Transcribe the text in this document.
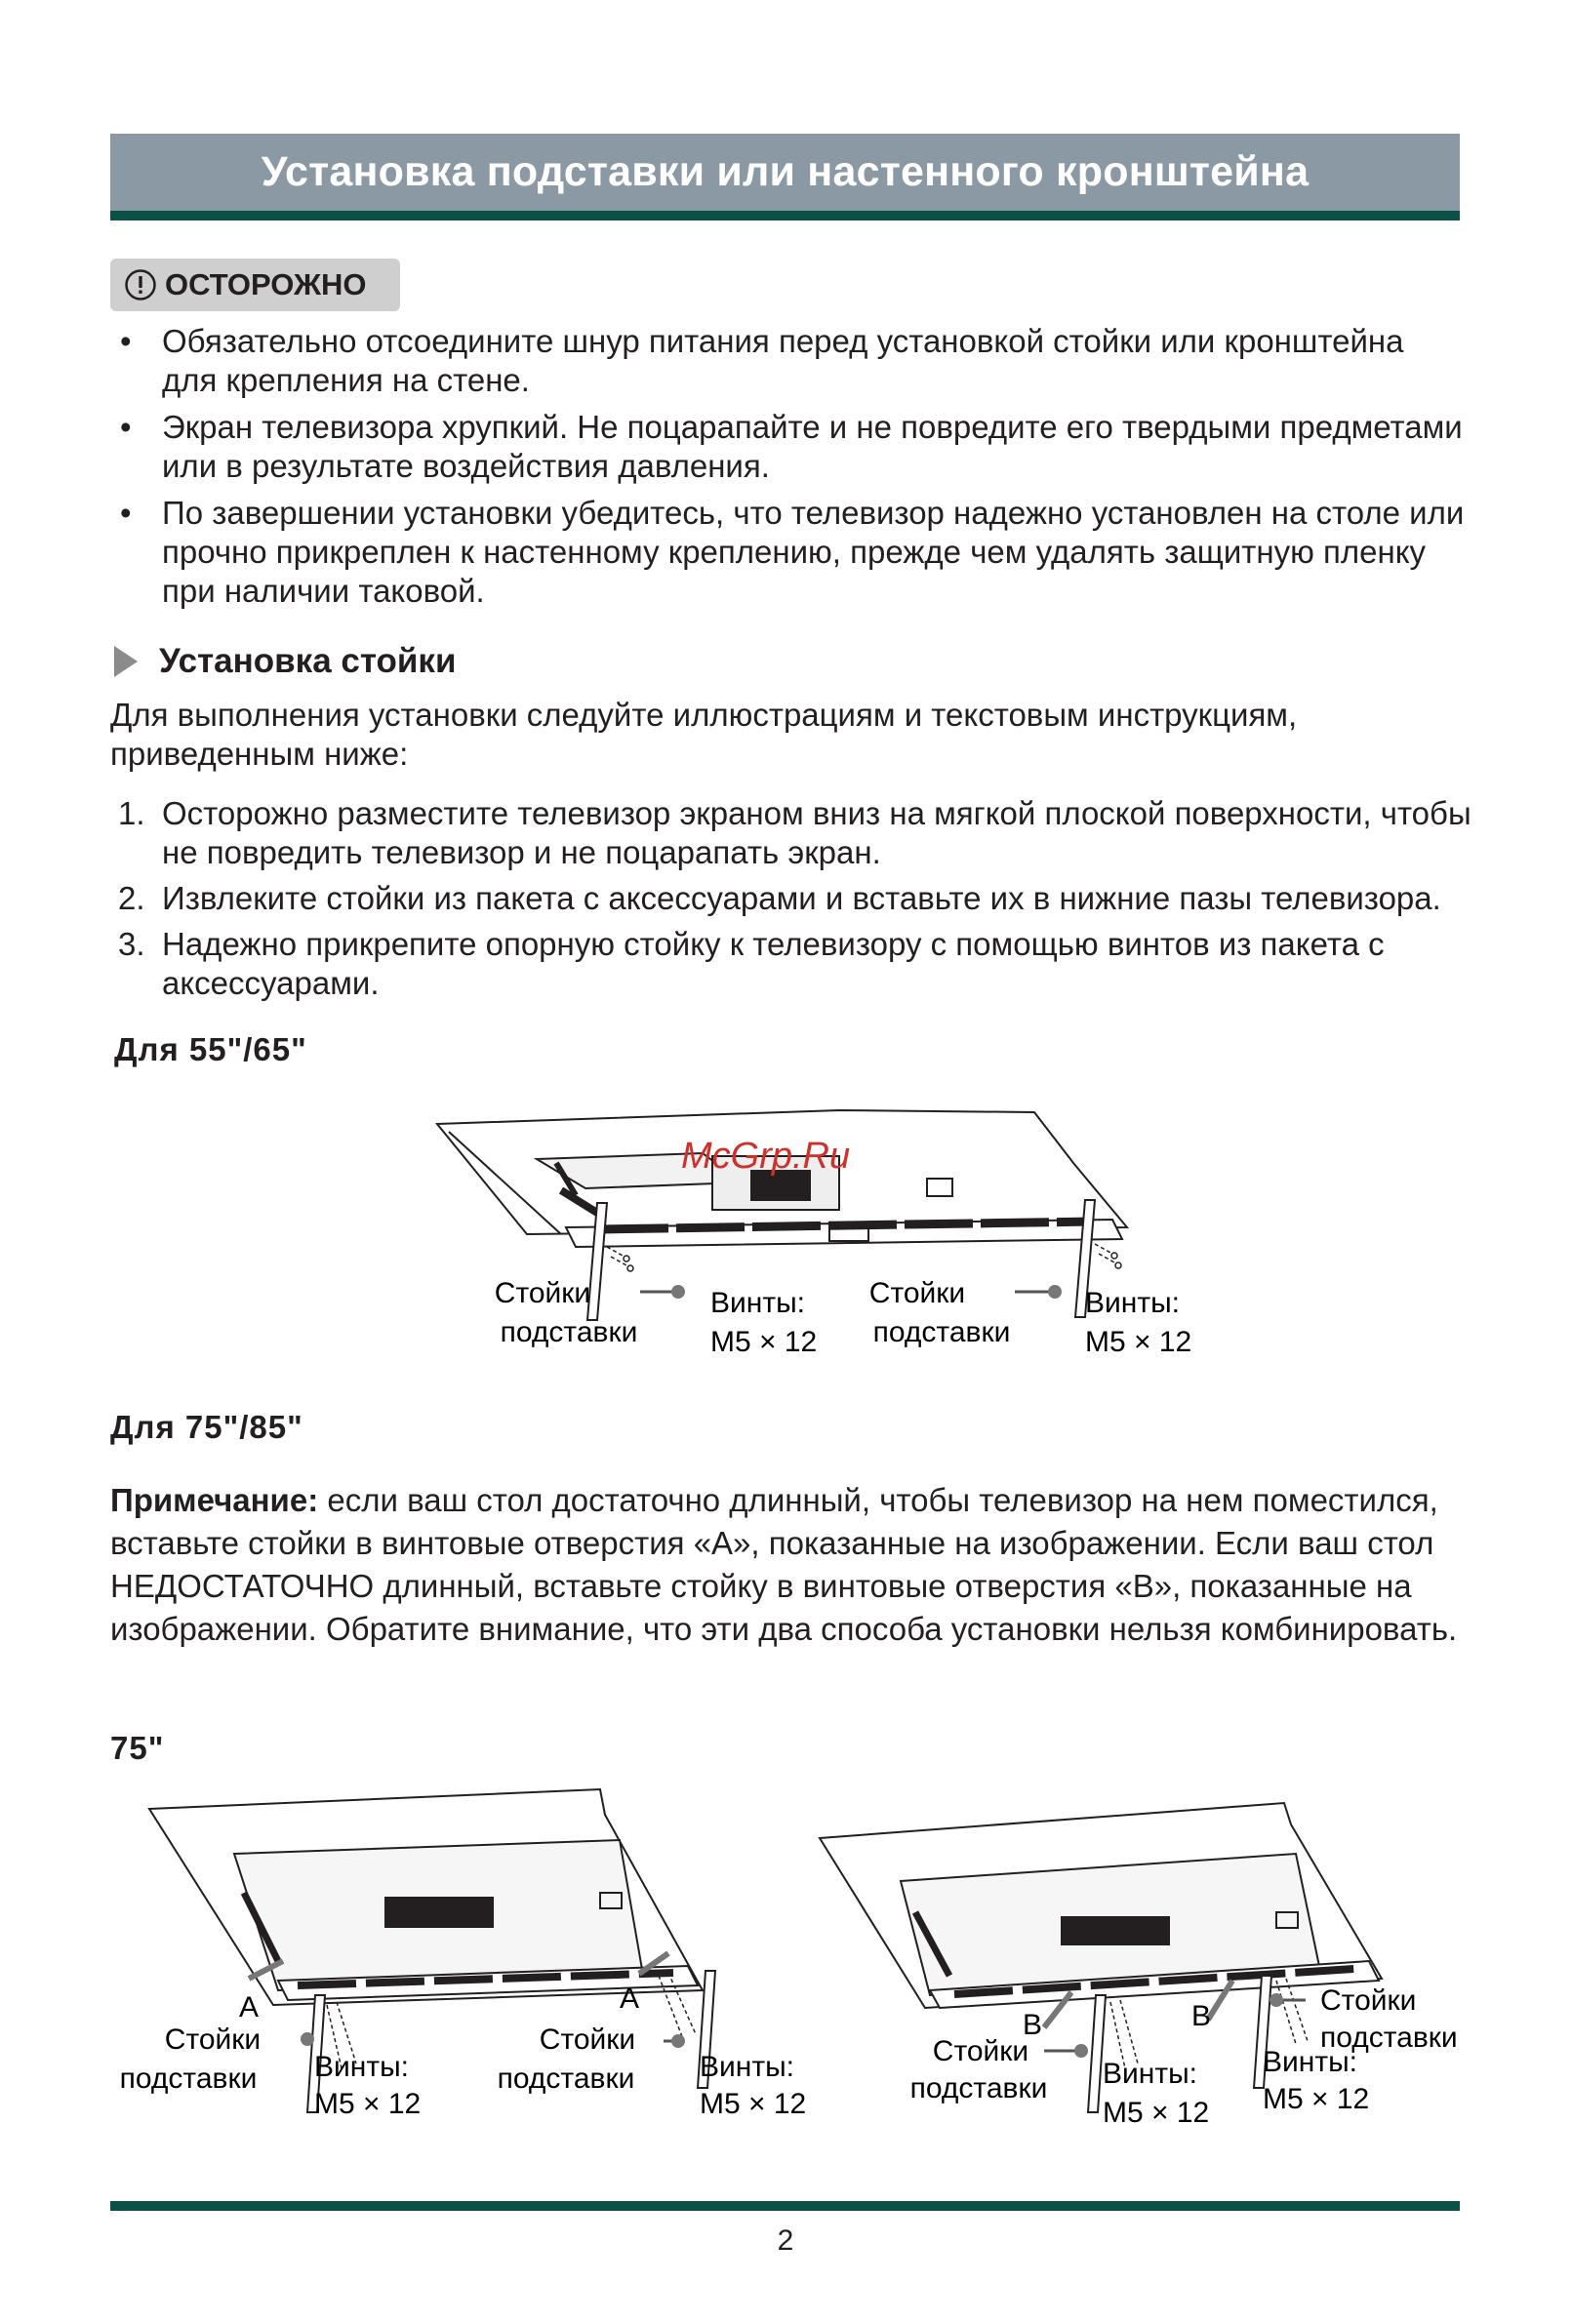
Установка подставки или настенного кронштейна
ОСТОРОЖНО
• Обязательно отсоедините шнур питания перед установкой стойки или кронштейна для крепления на стене.
• Экран телевизора хрупкий. Не поцарапайте и не повредите его твердыми предметами или в результате воздействия давления.
• По завершении установки убедитесь, что телевизор надежно установлен на столе или прочно прикреплен к настенному креплению, прежде чем удалять защитную пленку при наличии таковой.
Установка стойки
Для выполнения установки следуйте иллюстрациям и текстовым инструкциям, приведенным ниже:
1. Осторожно разместите телевизор экраном вниз на мягкой плоской поверхности, чтобы не повредить телевизор и не поцарапать экран.
2. Извлеките стойки из пакета с аксессуарами и вставьте их в нижние пазы телевизора.
3. Надежно прикрепите опорную стойку к телевизору с помощью винтов из пакета с аксессуарами.
Для 55"/65"
McGrp.Ru
Стойки
подставки
Винты:
M5 × 12
Стойки
подставки
Винты:
M5 × 12
Для 75"/85"
Примечание: если ваш стол достаточно длинный, чтобы телевизор на нем поместился, вставьте стойки в винтовые отверстия «A», показанные на изображении. Если ваш стол НЕДОСТАТОЧНО длинный, вставьте стойку в винтовые отверстия «B», показанные на изображении. Обратите внимание, что эти два способа установки нельзя комбинировать.
75"
A	A
Стойки
подставки Винты:
M5 × 12
Стойки
подставки Винты:
M5 × 12
B	B
Стойки
подставки Винты:
M5 × 12
Стойки
подставки
Винты:
M5 × 12
2
